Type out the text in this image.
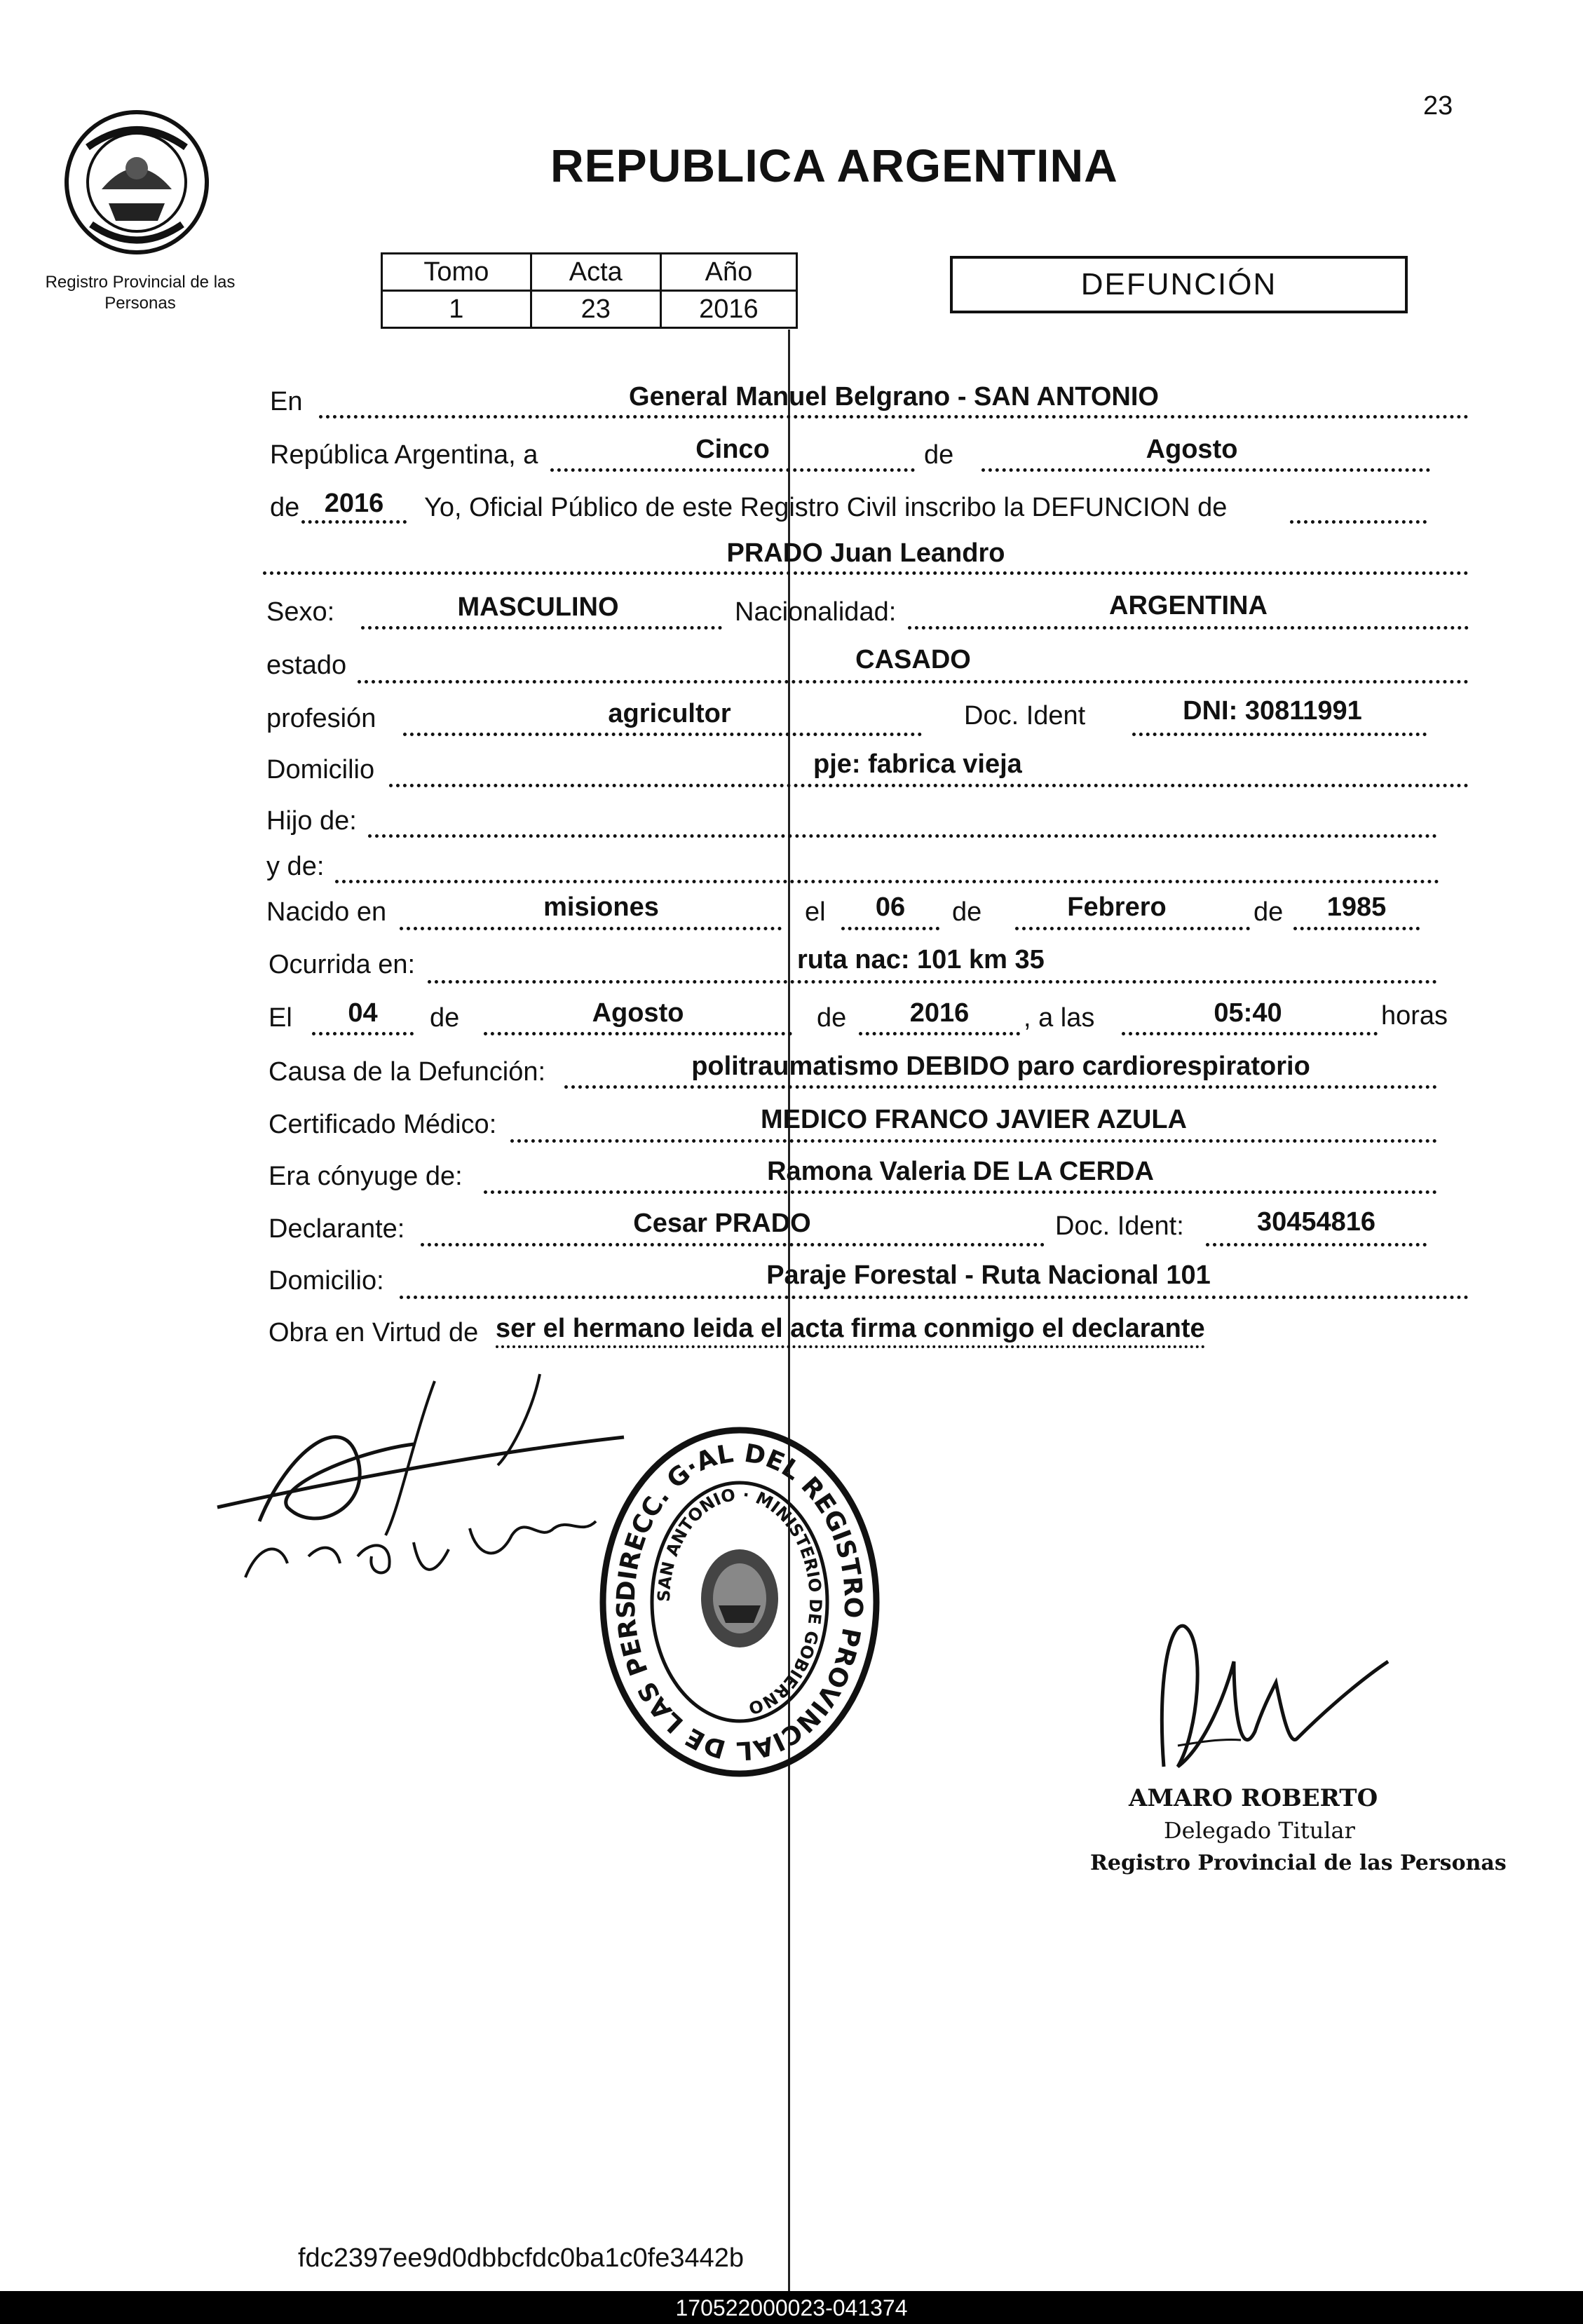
23
Registro Provincial de las Personas
REPUBLICA ARGENTINA
Tomo	Acta	Año
1	23	2016
DEFUNCIÓN
En	General Manuel Belgrano - SAN ANTONIO
República Argentina, a	Cinco	de	Agosto
de 2016	Yo, Oficial Público de este Registro Civil inscribo la DEFUNCION de
PRADO Juan Leandro
Sexo:	MASCULINO	Nacionalidad:	ARGENTINA
estado	CASADO
profesión	agricultor	Doc. Ident	DNI: 30811991
Domicilio	pje: fabrica vieja
Hijo de:
y de:
Nacido en	misiones	el	06	de	Febrero	de	1985
Ocurrida en:	ruta nac: 101 km 35
El	04	de	Agosto	de	2016	, a las	05:40	horas
Causa de la Defunción:	politraumatismo DEBIDO paro cardiorespiratorio
Certificado Médico:	MEDICO FRANCO JAVIER AZULA
Era cónyuge de:	Ramona Valeria DE LA CERDA
Declarante:	Cesar PRADO	Doc. Ident:	30454816
Domicilio:	Paraje Forestal - Ruta Nacional 101
Obra en Virtud de ser el hermano leida el acta firma conmigo el declarante
DIRECC. G·AL DEL REGISTRO PROVINCIAL DE LAS PERS
SAN ANTONIO · MINISTERIO DE GOBIERNO
AMARO ROBERTO
Delegado Titular
Registro Provincial de las Personas
fdc2397ee9d0dbbcfdc0ba1c0fe3442b
170522000023-041374
